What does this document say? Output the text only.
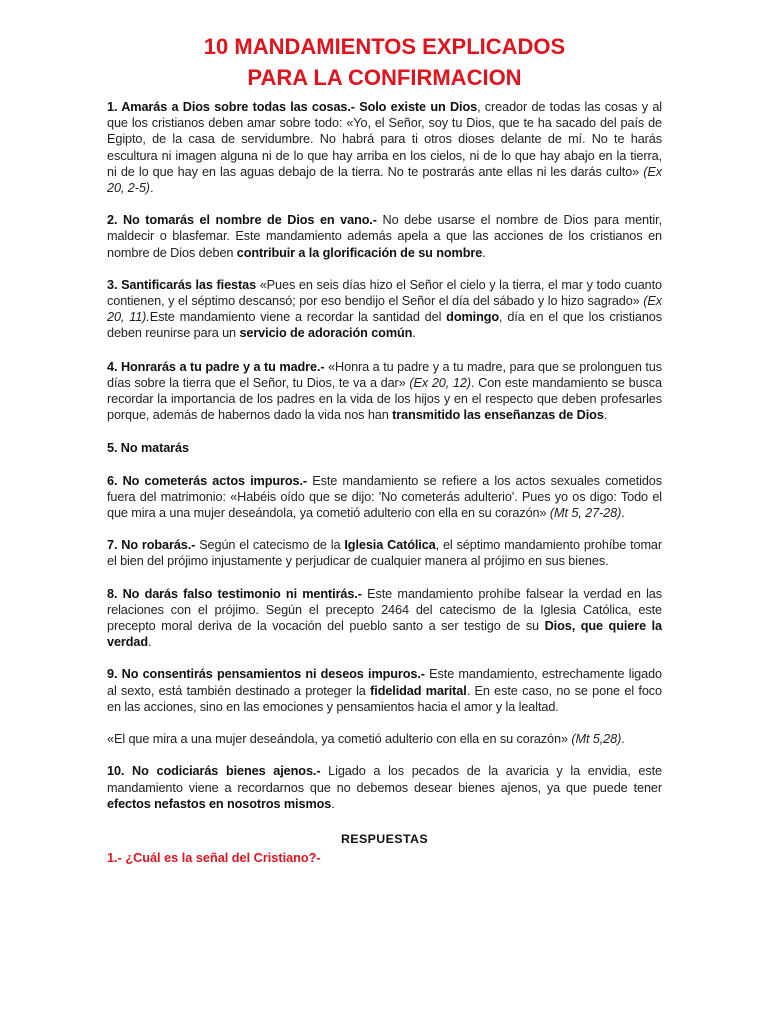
10 MANDAMIENTOS EXPLICADOS
PARA LA CONFIRMACION

1. Amarás a Dios sobre todas las cosas.- Solo existe un Dios, creador de todas las cosas y al que los cristianos deben amar sobre todo: «Yo, el Señor, soy tu Dios, que te ha sacado del país de Egipto, de la casa de servidumbre. No habrá para ti otros dioses delante de mí. No te harás escultura ni imagen alguna ni de lo que hay arriba en los cielos, ni de lo que hay abajo en la tierra, ni de lo que hay en las aguas debajo de la tierra. No te postrarás ante ellas ni les darás culto» (Ex 20, 2-5).

2. No tomarás el nombre de Dios en vano.- No debe usarse el nombre de Dios para mentir, maldecir o blasfemar. Este mandamiento además apela a que las acciones de los cristianos en nombre de Dios deben contribuir a la glorificación de su nombre.

3. Santificarás las fiestas «Pues en seis días hizo el Señor el cielo y la tierra, el mar y todo cuanto contienen, y el séptimo descansó; por eso bendijo el Señor el día del sábado y lo hizo sagrado» (Ex 20, 11).Este mandamiento viene a recordar la santidad del domingo, día en el que los cristianos deben reunirse para un servicio de adoración común.

4. Honrarás a tu padre y a tu madre.- «Honra a tu padre y a tu madre, para que se prolonguen tus días sobre la tierra que el Señor, tu Dios, te va a dar» (Ex 20, 12). Con este mandamiento se busca recordar la importancia de los padres en la vida de los hijos y en el respecto que deben profesarles porque, además de habernos dado la vida nos han transmitido las enseñanzas de Dios.

5. No matarás

6. No cometerás actos impuros.- Este mandamiento se refiere a los actos sexuales cometidos fuera del matrimonio: «Habéis oído que se dijo: 'No cometerás adulterio'. Pues yo os digo: Todo el que mira a una mujer deseándola, ya cometió adulterio con ella en su corazón» (Mt 5, 27-28).

7. No robarás.- Según el catecismo de la Iglesia Católica, el séptimo mandamiento prohíbe tomar el bien del prójimo injustamente y perjudicar de cualquier manera al prójimo en sus bienes.

8. No darás falso testimonio ni mentirás.- Este mandamiento prohíbe falsear la verdad en las relaciones con el prójimo. Según el precepto 2464 del catecismo de la Iglesia Católica, este precepto moral deriva de la vocación del pueblo santo a ser testigo de su Dios, que quiere la verdad.

9. No consentirás pensamientos ni deseos impuros.- Este mandamiento, estrechamente ligado al sexto, está también destinado a proteger la fidelidad marital. En este caso, no se pone el foco en las acciones, sino en las emociones y pensamientos hacia el amor y la lealtad.

«El que mira a una mujer deseándola, ya cometió adulterio con ella en su corazón» (Mt 5,28).

10. No codiciarás bienes ajenos.- Ligado a los pecados de la avaricia y la envidia, este mandamiento viene a recordarnos que no debemos desear bienes ajenos, ya que puede tener efectos nefastos en nosotros mismos.

RESPUESTAS

1.- ¿Cuál es la señal del Cristiano?-
